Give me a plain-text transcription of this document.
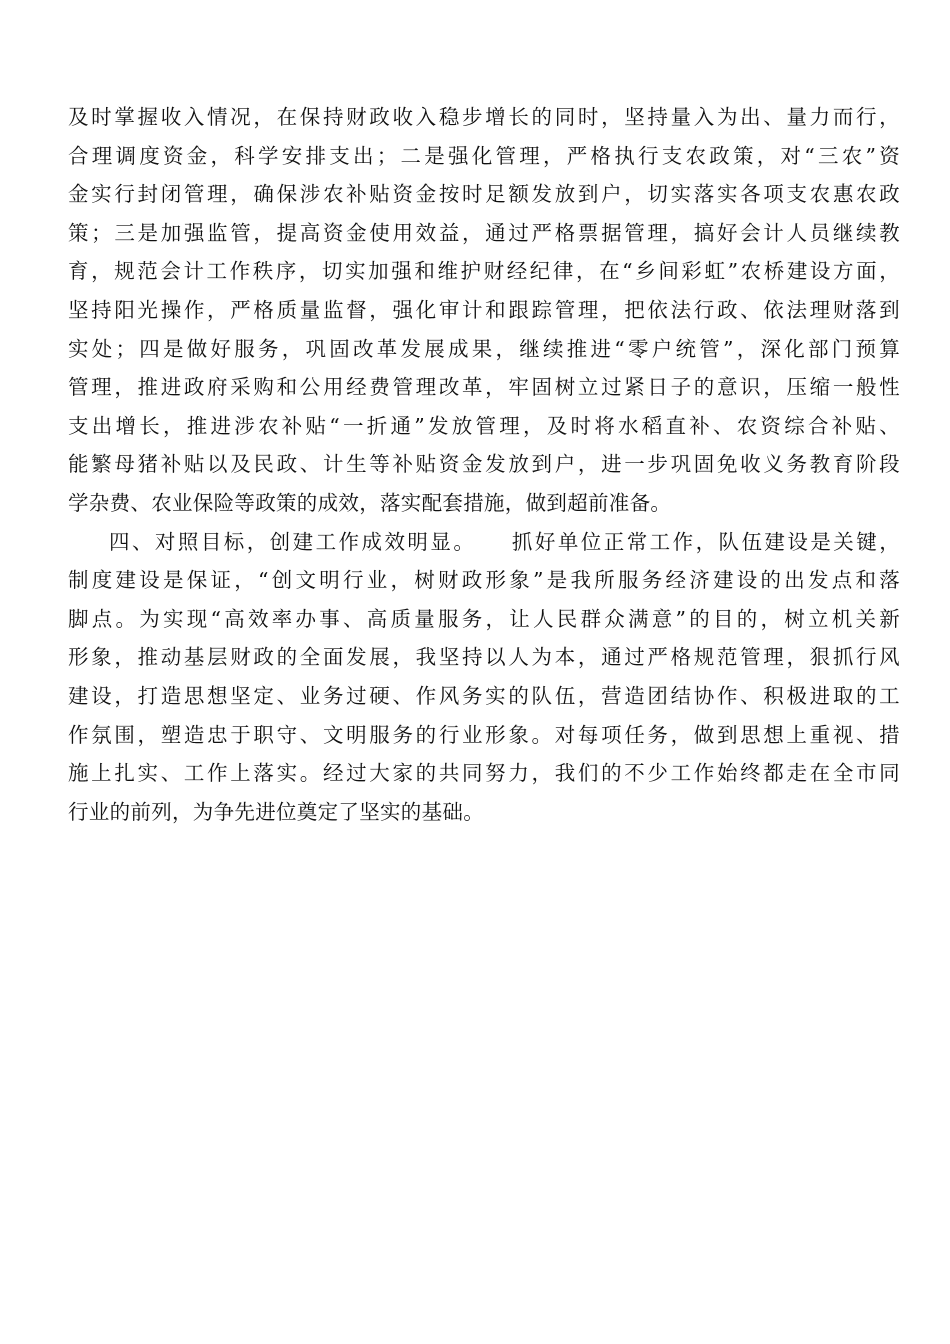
及时掌握收入情况，在保持财政收入稳步增长的同时，坚持量入为出、量力而行，
合理调度资金，科学安排支出；二是强化管理，严格执行支农政策，对“三农”资
金实行封闭管理，确保涉农补贴资金按时足额发放到户，切实落实各项支农惠农政
策；三是加强监管，提高资金使用效益，通过严格票据管理，搞好会计人员继续教
育，规范会计工作秩序，切实加强和维护财经纪律，在“乡间彩虹”农桥建设方面，
坚持阳光操作，严格质量监督，强化审计和跟踪管理，把依法行政、依法理财落到
实处；四是做好服务，巩固改革发展成果，继续推进“零户统管”，深化部门预算
管理，推进政府采购和公用经费管理改革，牢固树立过紧日子的意识，压缩一般性
支出增长，推进涉农补贴“一折通”发放管理，及时将水稻直补、农资综合补贴、
能繁母猪补贴以及民政、计生等补贴资金发放到户，进一步巩固免收义务教育阶段
学杂费、农业保险等政策的成效，落实配套措施，做到超前准备。
四、对照目标，创建工作成效明显。　　抓好单位正常工作，队伍建设是关键，
制度建设是保证，“创文明行业，树财政形象”是我所服务经济建设的出发点和落
脚点。为实现“高效率办事、高质量服务，让人民群众满意”的目的，树立机关新
形象，推动基层财政的全面发展，我坚持以人为本，通过严格规范管理，狠抓行风
建设，打造思想坚定、业务过硬、作风务实的队伍，营造团结协作、积极进取的工
作氛围，塑造忠于职守、文明服务的行业形象。对每项任务，做到思想上重视、措
施上扎实、工作上落实。经过大家的共同努力，我们的不少工作始终都走在全市同
行业的前列，为争先进位奠定了坚实的基础。
